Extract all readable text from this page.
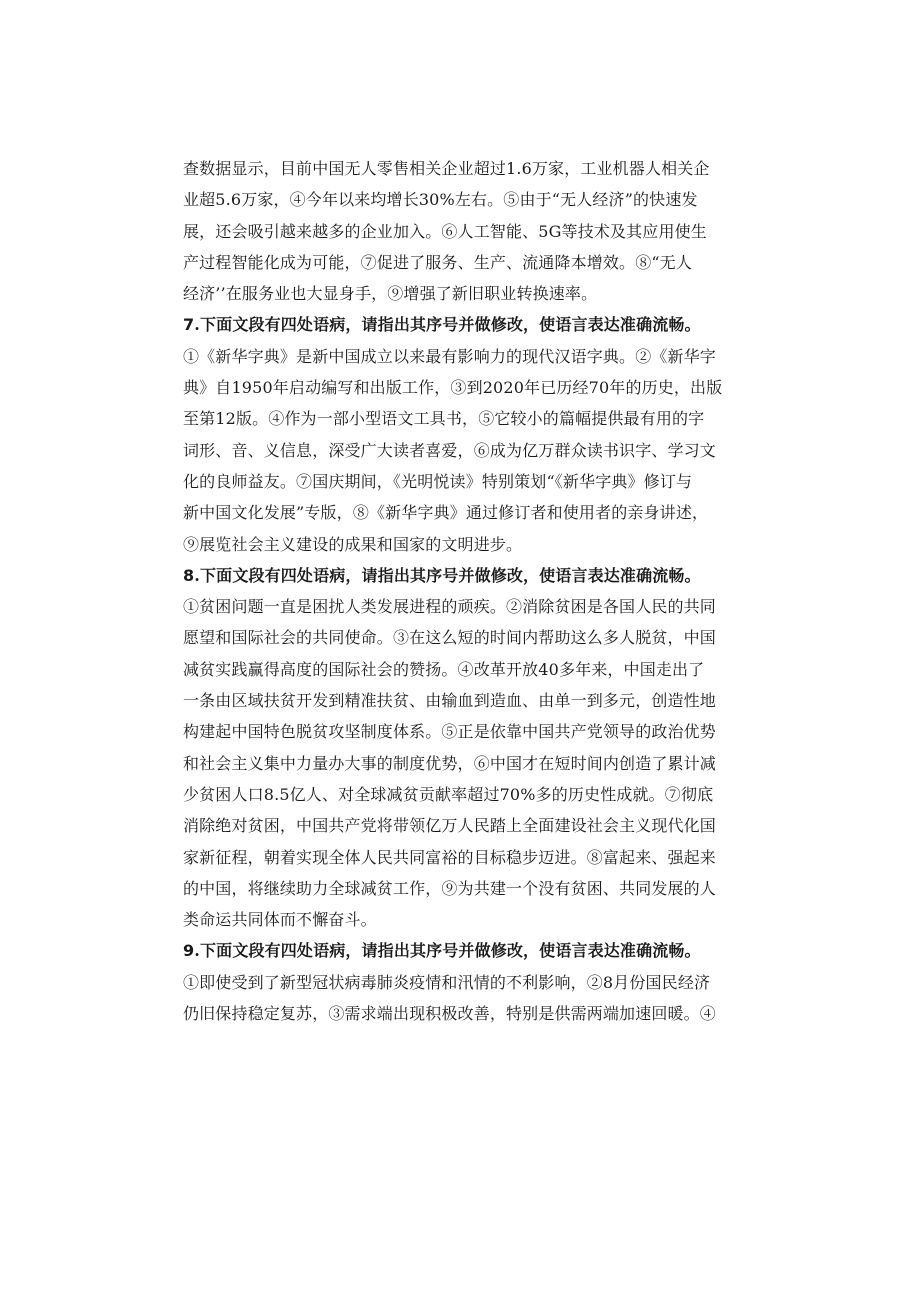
查数据显示，目前中国无人零售相关企业超过1.6万家，工业机器人相关企
业超5.6万家，④今年以来均增长30%左右。⑤由于“无人经济”的快速发
展，还会吸引越来越多的企业加入。⑥人工智能、5G等技术及其应用使生
产过程智能化成为可能，⑦促进了服务、生产、流通降本增效。⑧“无人
经济’’在服务业也大显身手，⑨增强了新旧职业转换速率。
7.下面文段有四处语病，请指出其序号并做修改，使语言表达准确流畅。
①《新华字典》是新中国成立以来最有影响力的现代汉语字典。②《新华字
典》自1950年启动编写和出版工作，③到2020年已历经70年的历史，出版
至第12版。④作为一部小型语文工具书，⑤它较小的篇幅提供最有用的字
词形、音、义信息，深受广大读者喜爱，⑥成为亿万群众读书识字、学习文
化的良师益友。⑦国庆期间，《光明悦读》特别策划“《新华字典》修订与
新中国文化发展”专版，⑧《新华字典》通过修订者和使用者的亲身讲述，
⑨展览社会主义建设的成果和国家的文明进步。
8.下面文段有四处语病，请指出其序号并做修改，使语言表达准确流畅。
①贫困问题一直是困扰人类发展进程的顽疾。②消除贫困是各国人民的共同
愿望和国际社会的共同使命。③在这么短的时间内帮助这么多人脱贫，中国
减贫实践赢得高度的国际社会的赞扬。④改革开放40多年来，中国走出了
一条由区域扶贫开发到精准扶贫、由输血到造血、由单一到多元，创造性地
构建起中国特色脱贫攻坚制度体系。⑤正是依靠中国共产党领导的政治优势
和社会主义集中力量办大事的制度优势，⑥中国才在短时间内创造了累计减
少贫困人口8.5亿人、对全球减贫贡献率超过70%多的历史性成就。⑦彻底
消除绝对贫困，中国共产党将带领亿万人民踏上全面建设社会主义现代化国
家新征程，朝着实现全体人民共同富裕的目标稳步迈进。⑧富起来、强起来
的中国，将继续助力全球减贫工作，⑨为共建一个没有贫困、共同发展的人
类命运共同体而不懈奋斗。
9.下面文段有四处语病，请指出其序号并做修改，使语言表达准确流畅。
①即使受到了新型冠状病毒肺炎疫情和汛情的不利影响，②8月份国民经济
仍旧保持稳定复苏，③需求端出现积极改善，特别是供需两端加速回暖。④
